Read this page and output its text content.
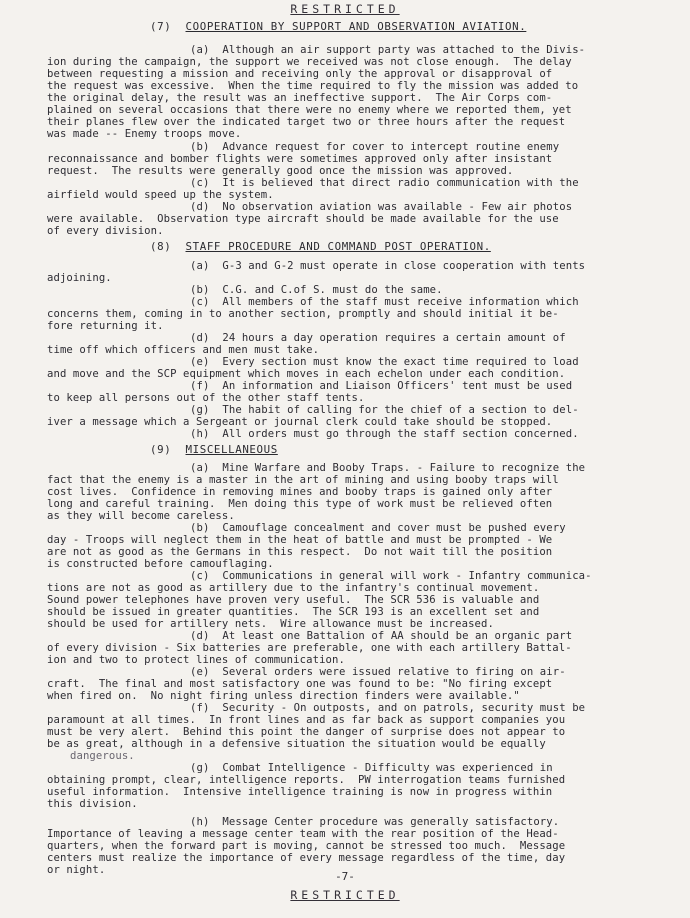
RESTRICTED
(7) COOPERATION BY SUPPORT AND OBSERVATION AVIATION.
(a)  Although an air support party was attached to the Divis-
ion during the campaign, the support we received was not close enough.  The delay
between requesting a mission and receiving only the approval or disapproval of
the request was excessive.  When the time required to fly the mission was added to
the original delay, the result was an ineffective support.  The Air Corps com-
plained on several occasions that there were no enemy where we reported them, yet
their planes flew over the indicated target two or three hours after the request
was made -- Enemy troops move.
(b)  Advance request for cover to intercept routine enemy
reconnaissance and bomber flights were sometimes approved only after insistant
request.  The results were generally good once the mission was approved.
(c)  It is believed that direct radio communication with the
airfield would speed up the system.
(d)  No observation aviation was available - Few air photos
were available.  Observation type aircraft should be made available for the use
of every division.
(8) STAFF PROCEDURE AND COMMAND POST OPERATION.
(a)  G-3 and G-2 must operate in close cooperation with tents
adjoining.
(b)  C.G. and C.of S. must do the same.
(c)  All members of the staff must receive information which
concerns them, coming in to another section, promptly and should initial it be-
fore returning it.
(d)  24 hours a day operation requires a certain amount of
time off which officers and men must take.
(e)  Every section must know the exact time required to load
and move and the SCP equipment which moves in each echelon under each condition.
(f)  An information and Liaison Officers' tent must be used
to keep all persons out of the other staff tents.
(g)  The habit of calling for the chief of a section to del-
iver a message which a Sergeant or journal clerk could take should be stopped.
(h)  All orders must go through the staff section concerned.
(9) MISCELLANEOUS
(a)  Mine Warfare and Booby Traps. - Failure to recognize the
fact that the enemy is a master in the art of mining and using booby traps will
cost lives.  Confidence in removing mines and booby traps is gained only after
long and careful training.  Men doing this type of work must be relieved often
as they will become careless.
(b)  Camouflage concealment and cover must be pushed every
day - Troops will neglect them in the heat of battle and must be prompted - We
are not as good as the Germans in this respect.  Do not wait till the position
is constructed before camouflaging.
(c)  Communications in general will work - Infantry communica-
tions are not as good as artillery due to the infantry's continual movement.
Sound power telephones have proven very useful.  The SCR 536 is valuable and
should be issued in greater quantities.  The SCR 193 is an excellent set and
should be used for artillery nets.  Wire allowance must be increased.
(d)  At least one Battalion of AA should be an organic part
of every division - Six batteries are preferable, one with each artillery Battal-
ion and two to protect lines of communication.
(e)  Several orders were issued relative to firing on air-
craft.  The final and most satisfactory one was found to be: "No firing except
when fired on.  No night firing unless direction finders were available."
(f)  Security - On outposts, and on patrols, security must be
paramount at all times.  In front lines and as far back as support companies you
must be very alert.  Behind this point the danger of surprise does not appear to
be as great, although in a defensive situation the situation would be equally
dangerous.
(g)  Combat Intelligence - Difficulty was experienced in
obtaining prompt, clear, intelligence reports.  PW interrogation teams furnished
useful information.  Intensive intelligence training is now in progress within
this division.
(h)  Message Center procedure was generally satisfactory.
Importance of leaving a message center team with the rear position of the Head-
quarters, when the forward part is moving, cannot be stressed too much.  Message
centers must realize the importance of every message regardless of the time, day
or night.	-7-
RESTRICTED
